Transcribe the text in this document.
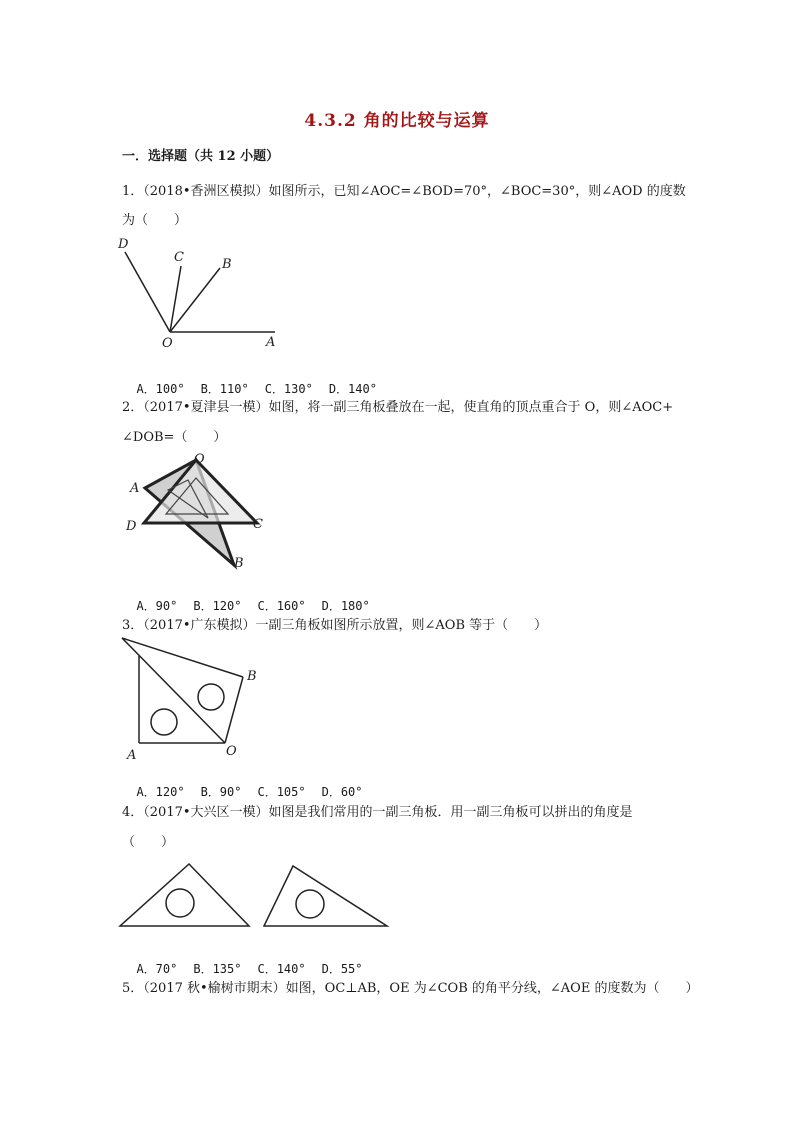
4.3.2 角的比较与运算
一．选择题（共 12 小题）
1．（2018•香洲区模拟）如图所示，已知∠AOC=∠BOD=70°，∠BOC=30°，则∠AOD 的度数
为（　　）
D
C	B
O	A

A．100° B．110° C．130° D．140°

2．（2017•夏津县一模）如图，将一副三角板叠放在一起，使直角的顶点重合于 O，则∠AOC+
∠DOB=（　　）
O
A
D	C
B

A．90° B．120° C．160° D．180°

3．（2017•广东模拟）一副三角板如图所示放置，则∠AOB 等于（　　）
B
A	O

A．120° B．90° C．105° D．60°

4．（2017•大兴区一模）如图是我们常用的一副三角板．用一副三角板可以拼出的角度是
（　　）

A．70° B．135° C．140° D．55°

5．（2017 秋•榆树市期末）如图，OC⊥AB，OE 为∠COB 的角平分线，∠AOE 的度数为（　　）
